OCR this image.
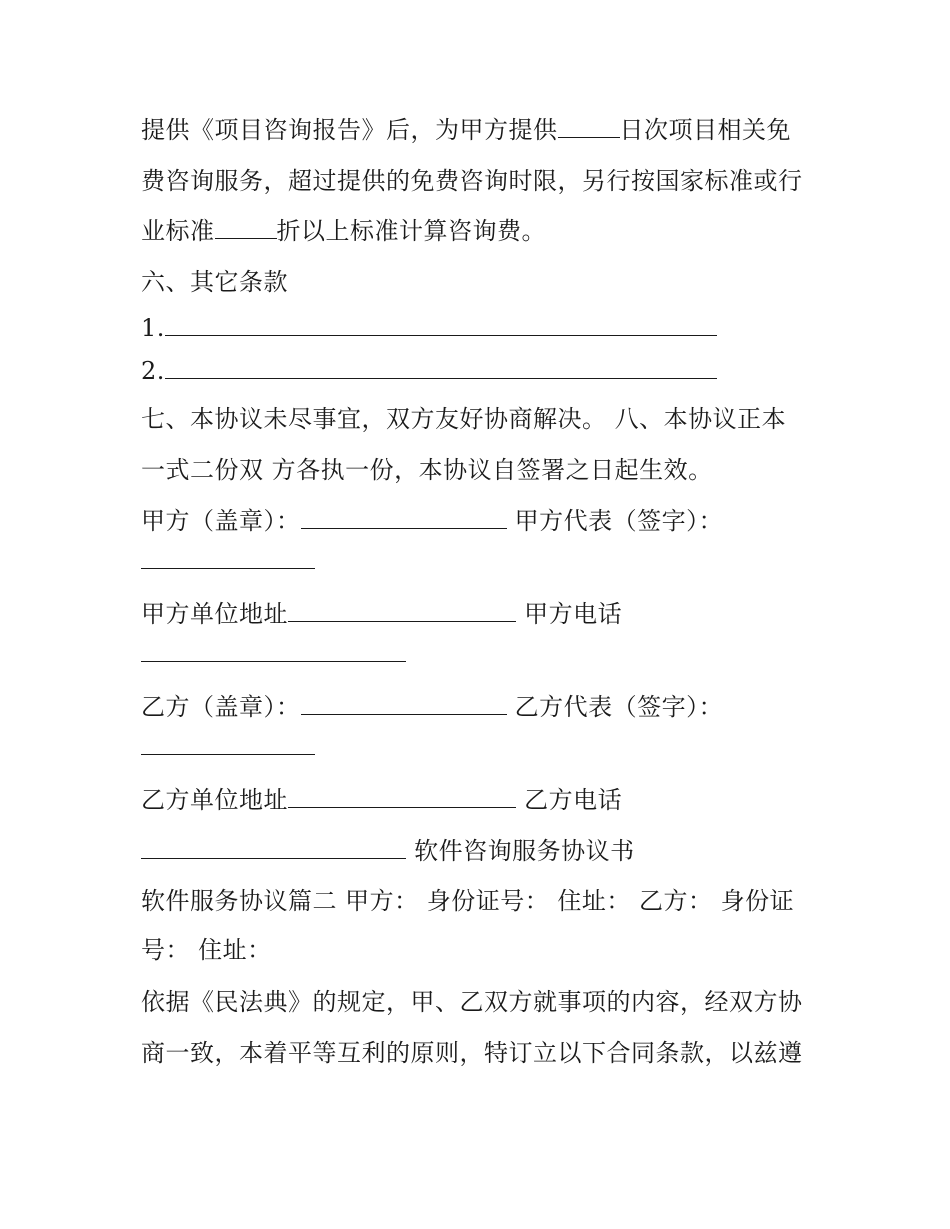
提供《项目咨询报告》后，为甲方提供	日次项目相关免
费咨询服务，超过提供的免费咨询时限，另行按国家标准或行
业标准	折以上标准计算咨询费。
六、其它条款
1.
2.
七、本协议未尽事宜，双方友好协商解决。 八、本协议正本
一式二份双 方各执一份，本协议自签署之日起生效。
甲方（盖章）：	甲方代表（签字）：
甲方单位地址	甲方电话
乙方（盖章）：	乙方代表（签字）：
乙方单位地址	乙方电话
软件咨询服务协议书
软件服务协议篇二 甲方： 身份证号： 住址： 乙方： 身份证
号： 住址：
依据《民法典》的规定，甲、乙双方就事项的内容，经双方协
商一致，本着平等互利的原则，特订立以下合同条款，以兹遵
